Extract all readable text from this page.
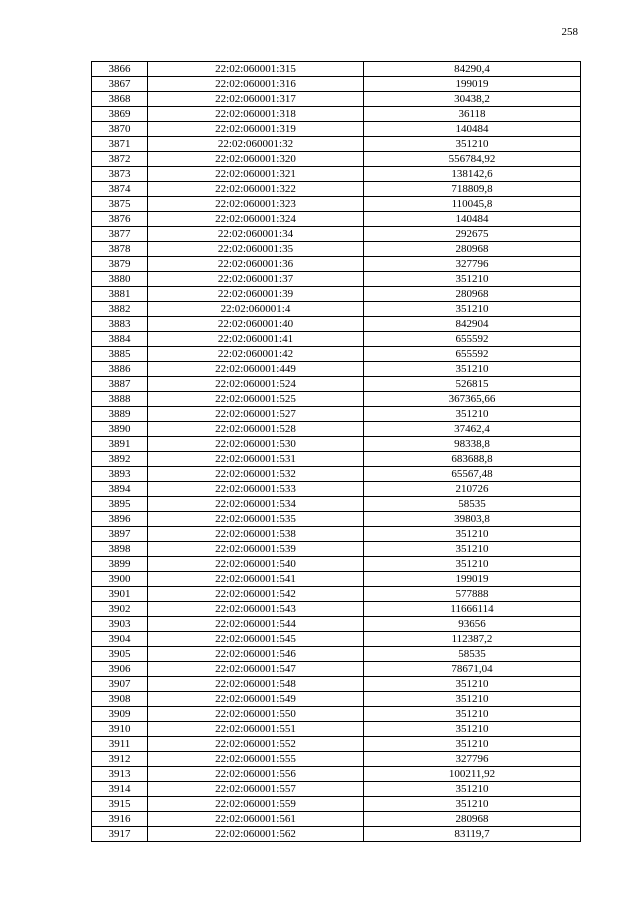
258
3866	22:02:060001:315	84290,4
3867	22:02:060001:316	199019
3868	22:02:060001:317	30438,2
3869	22:02:060001:318	36118
3870	22:02:060001:319	140484
3871	22:02:060001:32	351210
3872	22:02:060001:320	556784,92
3873	22:02:060001:321	138142,6
3874	22:02:060001:322	718809,8
3875	22:02:060001:323	110045,8
3876	22:02:060001:324	140484
3877	22:02:060001:34	292675
3878	22:02:060001:35	280968
3879	22:02:060001:36	327796
3880	22:02:060001:37	351210
3881	22:02:060001:39	280968
3882	22:02:060001:4	351210
3883	22:02:060001:40	842904
3884	22:02:060001:41	655592
3885	22:02:060001:42	655592
3886	22:02:060001:449	351210
3887	22:02:060001:524	526815
3888	22:02:060001:525	367365,66
3889	22:02:060001:527	351210
3890	22:02:060001:528	37462,4
3891	22:02:060001:530	98338,8
3892	22:02:060001:531	683688,8
3893	22:02:060001:532	65567,48
3894	22:02:060001:533	210726
3895	22:02:060001:534	58535
3896	22:02:060001:535	39803,8
3897	22:02:060001:538	351210
3898	22:02:060001:539	351210
3899	22:02:060001:540	351210
3900	22:02:060001:541	199019
3901	22:02:060001:542	577888
3902	22:02:060001:543	11666114
3903	22:02:060001:544	93656
3904	22:02:060001:545	112387,2
3905	22:02:060001:546	58535
3906	22:02:060001:547	78671,04
3907	22:02:060001:548	351210
3908	22:02:060001:549	351210
3909	22:02:060001:550	351210
3910	22:02:060001:551	351210
3911	22:02:060001:552	351210
3912	22:02:060001:555	327796
3913	22:02:060001:556	100211,92
3914	22:02:060001:557	351210
3915	22:02:060001:559	351210
3916	22:02:060001:561	280968
3917	22:02:060001:562	83119,7
